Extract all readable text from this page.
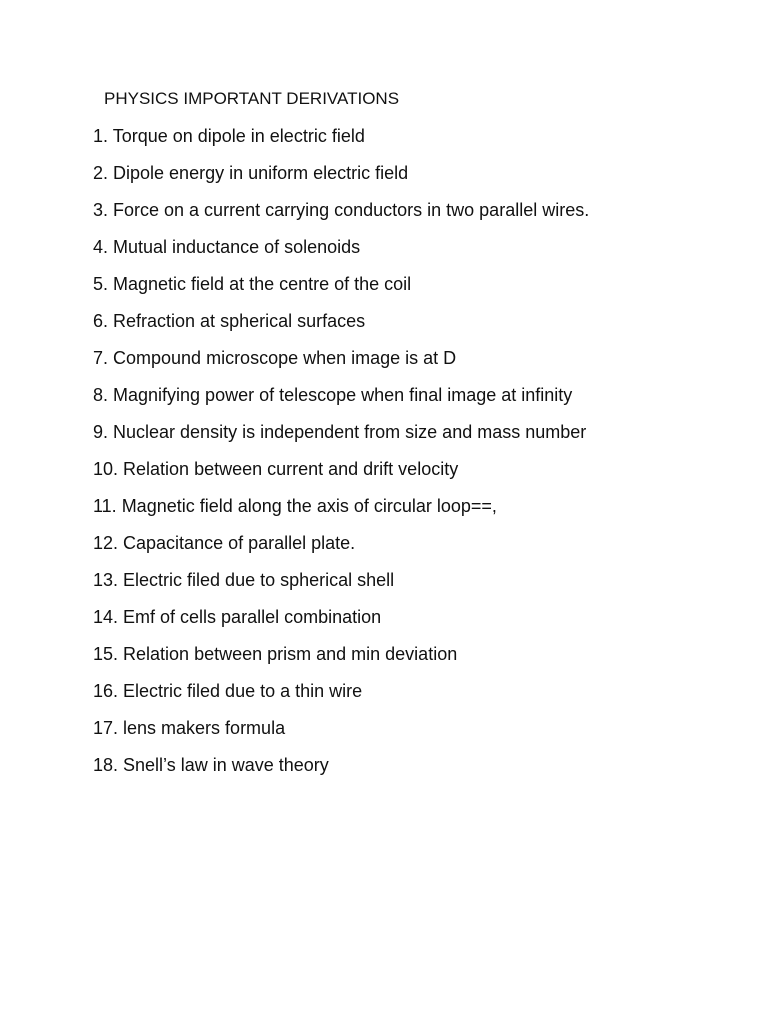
PHYSICS IMPORTANT DERIVATIONS
1. Torque on dipole in electric field
2. Dipole energy in uniform electric field
3. Force on a current carrying conductors in two parallel wires.
4. Mutual inductance of solenoids
5. Magnetic field at the centre of the coil
6. Refraction at spherical surfaces
7. Compound microscope when image is at D
8. Magnifying power of telescope when final image at infinity
9. Nuclear density is independent from size and mass number
10. Relation between current and drift velocity
11. Magnetic field along the axis of circular loop==,
12. Capacitance of parallel plate.
13. Electric filed due to spherical shell
14. Emf of cells parallel combination
15. Relation between prism and min deviation
16. Electric filed due to a thin wire
17. lens makers formula
18. Snell’s law in wave theory
